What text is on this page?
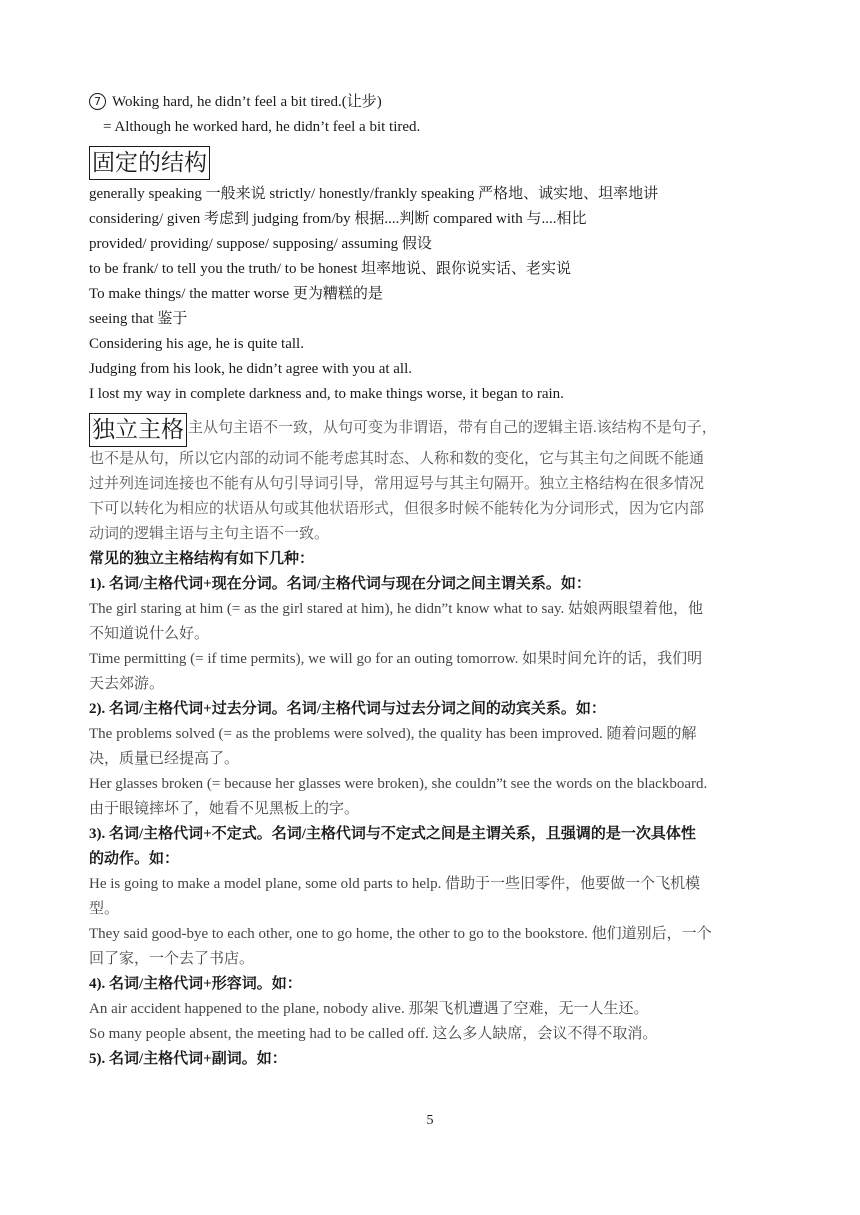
7 Woking hard, he didn’t feel a bit tired.(让步)
= Although he worked hard, he didn’t feel a bit tired.
固定的结构
generally speaking 一般来说 strictly/ honestly/frankly speaking 严格地、诚实地、坦率地讲
considering/ given 考虑到 judging from/by 根据....判断 compared with 与....相比
provided/ providing/ suppose/ supposing/ assuming 假设
to be frank/ to tell you the truth/ to be honest 坦率地说、跟你说实话、老实说
To make things/ the matter worse 更为糟糕的是
seeing that 鉴于
Considering his age, he is quite tall.
Judging from his look, he didn’t agree with you at all.
I lost my way in complete darkness and, to make things worse, it began to rain.
独立主格 主从句主语不一致，从句可变为非谓语，带有自己的逻辑主语.该结构不是句子，
也不是从句，所以它内部的动词不能考虑其时态、人称和数的变化，它与其主句之间既不能通
过并列连词连接也不能有从句引导词引导，常用逗号与其主句隔开。独立主格结构在很多情况
下可以转化为相应的状语从句或其他状语形式，但很多时候不能转化为分词形式，因为它内部
动词的逻辑主语与主句主语不一致。
常见的独立主格结构有如下几种：
1). 名词/主格代词+现在分词。名词/主格代词与现在分词之间主谓关系。如：
The girl staring at him (= as the girl stared at him), he didn”t know what to say. 姑娘两眼望着他，他
不知道说什么好。
Time permitting (= if time permits), we will go for an outing tomorrow. 如果时间允许的话，我们明
天去郊游。
2). 名词/主格代词+过去分词。名词/主格代词与过去分词之间的动宾关系。如：
The problems solved (= as the problems were solved), the quality has been improved. 随着问题的解
决，质量已经提高了。
Her glasses broken (= because her glasses were broken), she couldn”t see the words on the blackboard.
由于眼镜摔坏了，她看不见黑板上的字。
3). 名词/主格代词+不定式。名词/主格代词与不定式之间是主谓关系，且强调的是一次具体性
的动作。如：
He is going to make a model plane, some old parts to help. 借助于一些旧零件，他要做一个飞机模
型。
They said good-bye to each other, one to go home, the other to go to the bookstore. 他们道别后，一个
回了家，一个去了书店。
4). 名词/主格代词+形容词。如：
An air accident happened to the plane, nobody alive. 那架飞机遭遇了空难，无一人生还。
So many people absent, the meeting had to be called off. 这么多人缺席，会议不得不取消。
5). 名词/主格代词+副词。如：
5
